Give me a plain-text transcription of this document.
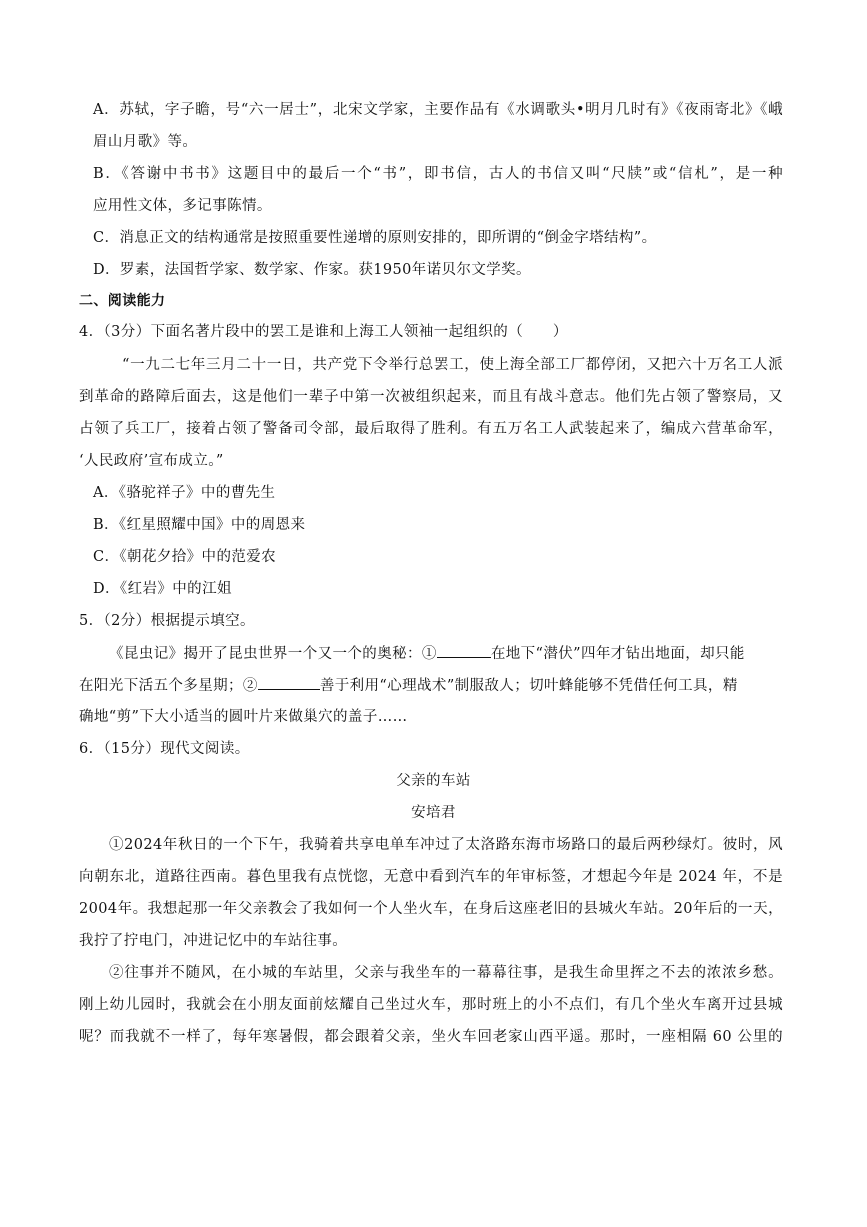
A．苏轼，字子瞻，号“六一居士”，北宋文学家，主要作品有《水调歌头•明月几时有》《夜雨寄北》《峨
眉山月歌》等。
B．《答谢中书书》这题目中的最后一个“书”，即书信，古人的书信又叫“尺牍”或“信札”，是一种
应用性文体，多记事陈情。
C．消息正文的结构通常是按照重要性递增的原则安排的，即所谓的“倒金字塔结构”。
D．罗素，法国哲学家、数学家、作家。获1950年诺贝尔文学奖。
二、阅读能力
4．（3分）下面名著片段中的罢工是谁和上海工人领袖一起组织的（　　）
“一九二七年三月二十一日，共产党下令举行总罢工，使上海全部工厂都停闭，又把六十万名工人派
到革命的路障后面去，这是他们一辈子中第一次被组织起来，而且有战斗意志。他们先占领了警察局，又
占领了兵工厂，接着占领了警备司令部，最后取得了胜利。有五万名工人武装起来了，编成六营革命军，
‘人民政府’宣布成立。”
A．《骆驼祥子》中的曹先生
B．《红星照耀中国》中的周恩来
C．《朝花夕拾》中的范爱农
D．《红岩》中的江姐
5．（2分）根据提示填空。
《昆虫记》揭开了昆虫世界一个又一个的奥秘：①	在地下“潜伏”四年才钻出地面，却只能
在阳光下活五个多星期；②	善于利用“心理战术”制服敌人；切叶蜂能够不凭借任何工具，精
确地“剪”下大小适当的圆叶片来做巢穴的盖子……
6．（15分）现代文阅读。
父亲的车站
安培君
①2024年秋日的一个下午，我骑着共享电单车冲过了太洛路东海市场路口的最后两秒绿灯。彼时，风
向朝东北，道路往西南。暮色里我有点恍惚，无意中看到汽车的年审标签，才想起今年是 2024 年，不是
2004年。我想起那一年父亲教会了我如何一个人坐火车，在身后这座老旧的县城火车站。20年后的一天，
我拧了拧电门，冲进记忆中的车站往事。
②往事并不随风，在小城的车站里，父亲与我坐车的一幕幕往事，是我生命里挥之不去的浓浓乡愁。
刚上幼儿园时，我就会在小朋友面前炫耀自己坐过火车，那时班上的小不点们，有几个坐火车离开过县城
呢？而我就不一样了，每年寒暑假，都会跟着父亲，坐火车回老家山西平遥。那时，一座相隔 60 公里的
